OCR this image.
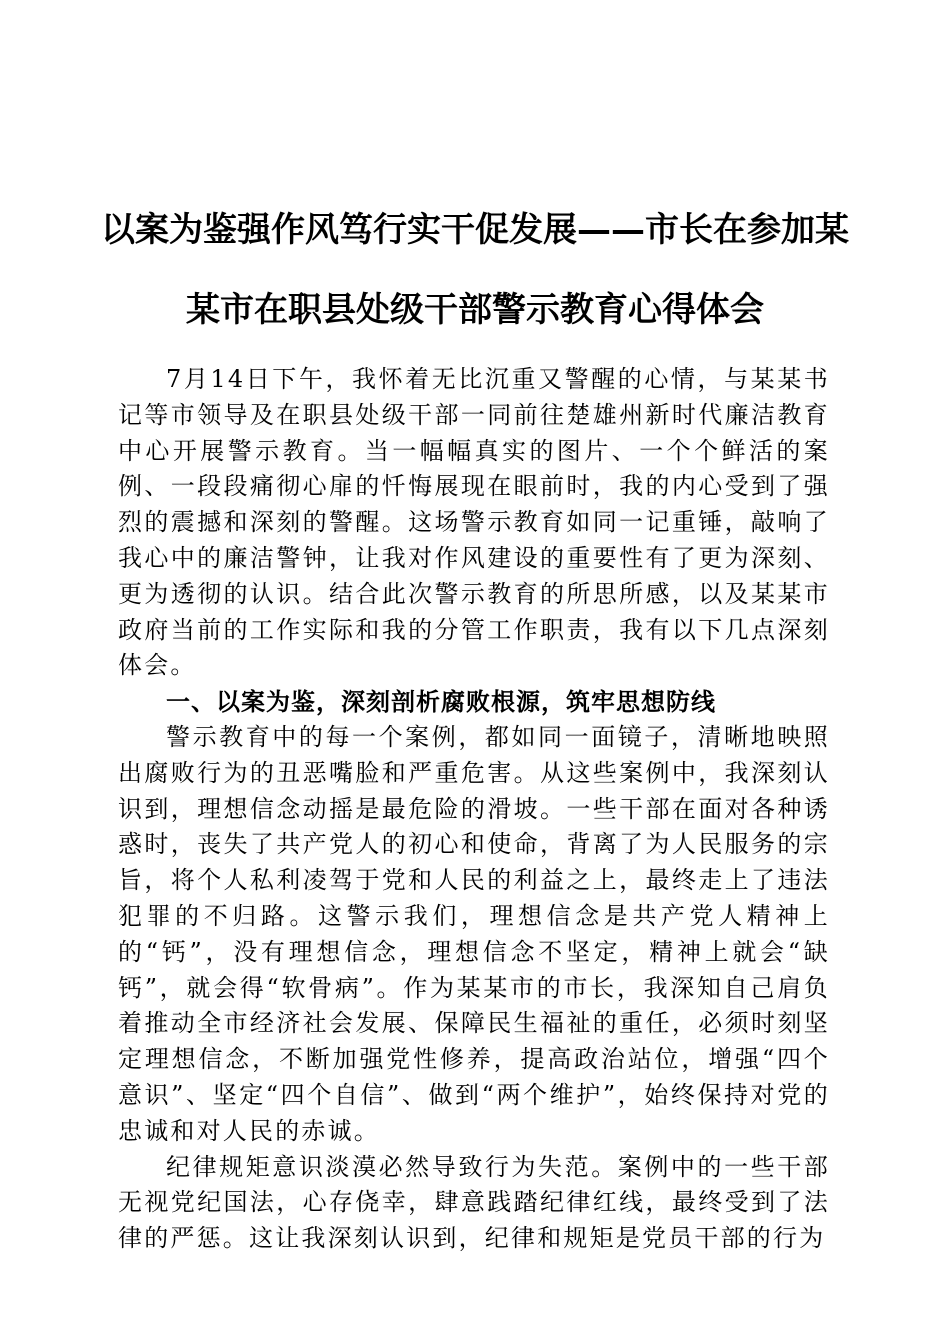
以案为鉴强作风笃行实干促发展——市长在参加某某市在职县处级干部警示教育心得体会

7月14日下午，我怀着无比沉重又警醒的心情，与某某书记等市领导及在职县处级干部一同前往楚雄州新时代廉洁教育中心开展警示教育。当一幅幅真实的图片、一个个鲜活的案例、一段段痛彻心扉的忏悔展现在眼前时，我的内心受到了强烈的震撼和深刻的警醒。这场警示教育如同一记重锤，敲响了我心中的廉洁警钟，让我对作风建设的重要性有了更为深刻、更为透彻的认识。结合此次警示教育的所思所感，以及某某市政府当前的工作实际和我的分管工作职责，我有以下几点深刻体会。

一、以案为鉴，深刻剖析腐败根源，筑牢思想防线

警示教育中的每一个案例，都如同一面镜子，清晰地映照出腐败行为的丑恶嘴脸和严重危害。从这些案例中，我深刻认识到，理想信念动摇是最危险的滑坡。一些干部在面对各种诱惑时，丧失了共产党人的初心和使命，背离了为人民服务的宗旨，将个人私利凌驾于党和人民的利益之上，最终走上了违法犯罪的不归路。这警示我们，理想信念是共产党人精神上的“钙”，没有理想信念，理想信念不坚定，精神上就会“缺钙”，就会得“软骨病”。作为某某市的市长，我深知自己肩负着推动全市经济社会发展、保障民生福祉的重任，必须时刻坚定理想信念，不断加强党性修养，提高政治站位，增强“四个意识”、坚定“四个自信”、做到“两个维护”，始终保持对党的忠诚和对人民的赤诚。

纪律规矩意识淡漠必然导致行为失范。案例中的一些干部无视党纪国法，心存侥幸，肆意践踏纪律红线，最终受到了法律的严惩。这让我深刻认识到，纪律和规矩是党员干部的行为
